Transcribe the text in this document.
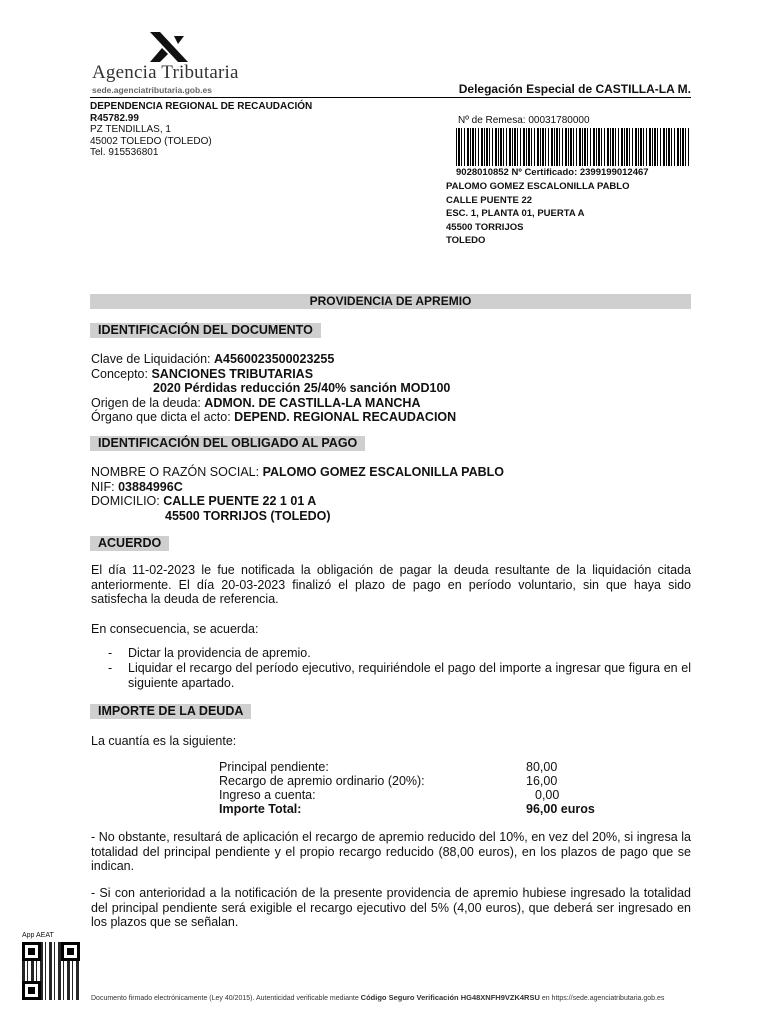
Agencia Tributaria
sede.agenciatributaria.gob.es	Delegación Especial de CASTILLA-LA M.
DEPENDENCIA REGIONAL DE RECAUDACIÓN
R45782.99
PZ TENDILLAS, 1
45002 TOLEDO (TOLEDO)
Tel. 915536801
Nº de Remesa: 00031780000
9028010852 Nº Certificado: 2399199012467
PALOMO GOMEZ ESCALONILLA PABLO
CALLE PUENTE 22
ESC. 1, PLANTA 01, PUERTA A
45500 TORRIJOS
TOLEDO
PROVIDENCIA DE APREMIO
IDENTIFICACIÓN DEL DOCUMENTO
Clave de Liquidación: A4560023500023255
Concepto: SANCIONES TRIBUTARIAS
2020 Pérdidas reducción 25/40% sanción MOD100
Origen de la deuda: ADMON. DE CASTILLA-LA MANCHA
Órgano que dicta el acto: DEPEND. REGIONAL RECAUDACION
IDENTIFICACIÓN DEL OBLIGADO AL PAGO
NOMBRE O RAZÓN SOCIAL: PALOMO GOMEZ ESCALONILLA PABLO
NIF: 03884996C
DOMICILIO: CALLE PUENTE 22 1 01 A
45500 TORRIJOS (TOLEDO)
ACUERDO
El día 11-02-2023 le fue notificada la obligación de pagar la deuda resultante de la liquidación citada anteriormente. El día 20-03-2023 finalizó el plazo de pago en período voluntario, sin que haya sido satisfecha la deuda de referencia.
En consecuencia, se acuerda:
-	Dictar la providencia de apremio.
-	Liquidar el recargo del período ejecutivo, requiriéndole el pago del importe a ingresar que figura en el siguiente apartado.
IMPORTE DE LA DEUDA
La cuantía es la siguiente:
Principal pendiente:	80,00
Recargo de apremio ordinario (20%):	16,00
Ingreso a cuenta:	0,00
Importe Total:	96,00 euros
- No obstante, resultará de aplicación el recargo de apremio reducido del 10%, en vez del 20%, si ingresa la totalidad del principal pendiente y el propio recargo reducido (88,00 euros), en los plazos de pago que se indican.
- Si con anterioridad a la notificación de la presente providencia de apremio hubiese ingresado la totalidad del principal pendiente será exigible el recargo ejecutivo del 5% (4,00 euros), que deberá ser ingresado en los plazos que se señalan.
App AEAT
Documento firmado electrónicamente (Ley 40/2015). Autenticidad verificable mediante Código Seguro Verificación HG48XNFH9VZK4RSU en https://sede.agenciatributaria.gob.es
